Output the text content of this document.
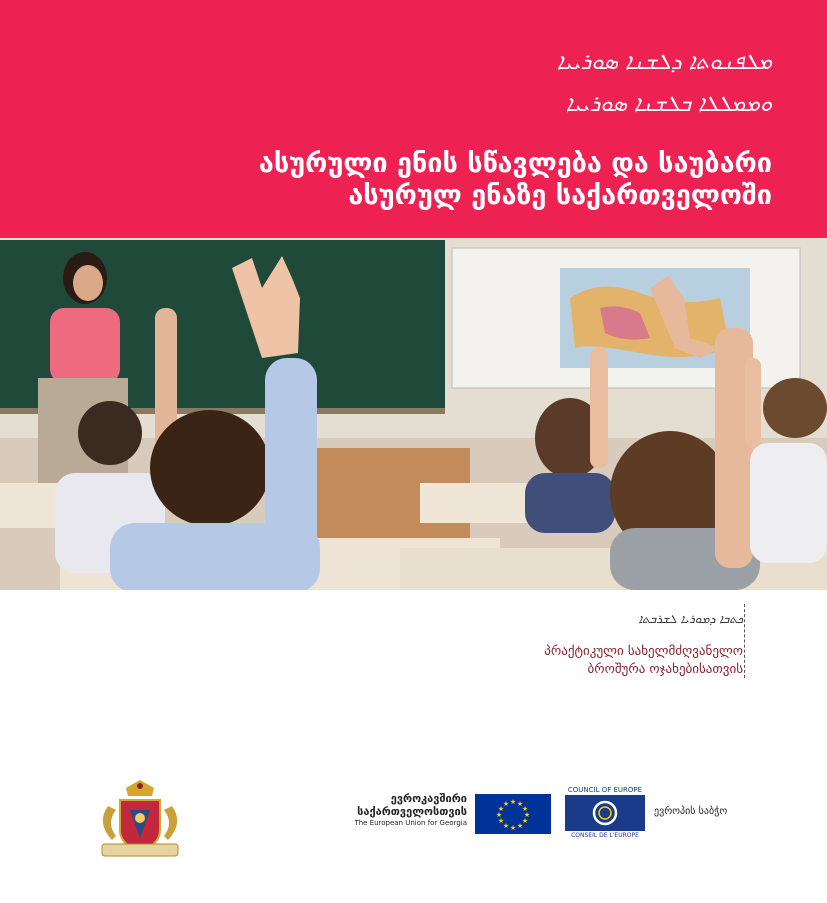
ܡܠܦܢܘܬܐ ܕܠܫܢܐ ܣܘܪܝܝܐ
ܘܡܡܠܠܐ ܒܠܫܢܐ ܣܘܪܝܝܐ
ასურული ენის სწავლება და საუბარი
ასურულ ენაზე საქართველოში
ܟܬܒܐ ܕܡܘܪܝܐ ܠܫܪܒܬܐ
პრაქტიკული სახელმძღვანელო
ბროშურა ოჯახებისათვის
ევროკავშირი
საქართველოსთვის
The European Union for Georgia
★ ★
★
★
★
★
★
★
★
★
★
★
COUNCIL OF EUROPE
CONSEIL DE L'EUROPE
ევროპის საბჭო
